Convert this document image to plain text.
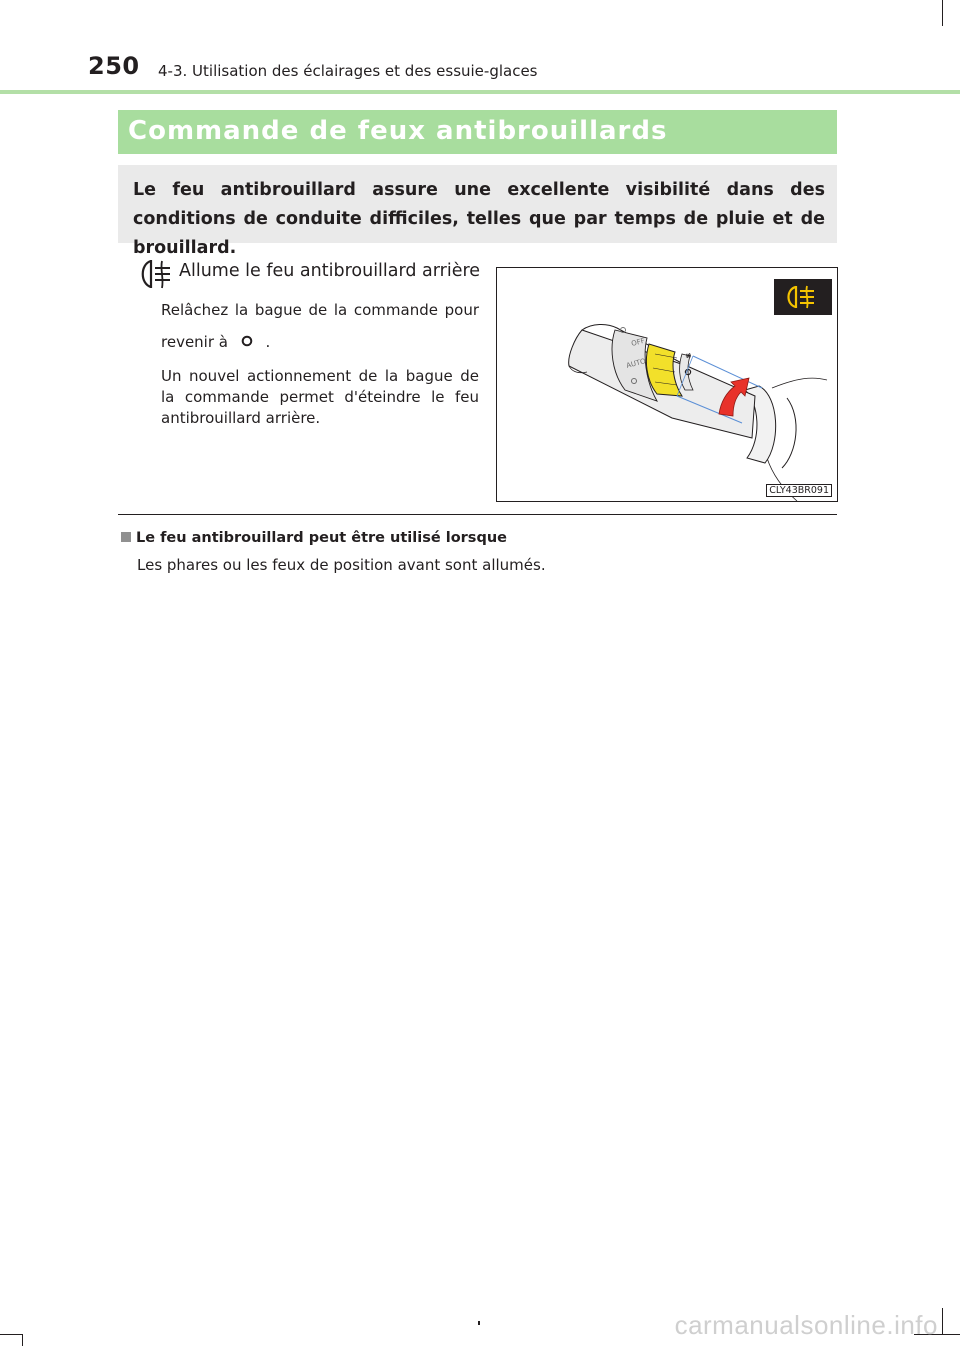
250 4-3. Utilisation des éclairages et des essuie-glaces
Commande de feux antibrouillards
Le feu antibrouillard assure une excellente visibilité dans des conditions de conduite difficiles, telles que par temps de pluie et de brouillard.
Allume le feu antibrouillard arrière
Relâchez la bague de la commande pour
revenir à	.
Un nouvel actionnement de la bague de la commande permet d'éteindre le feu antibrouillard arrière.
AUTO
OFF
≢
CLY43BR091
Le feu antibrouillard peut être utilisé lorsque
Les phares ou les feux de position avant sont allumés.
carmanualsonline.info
